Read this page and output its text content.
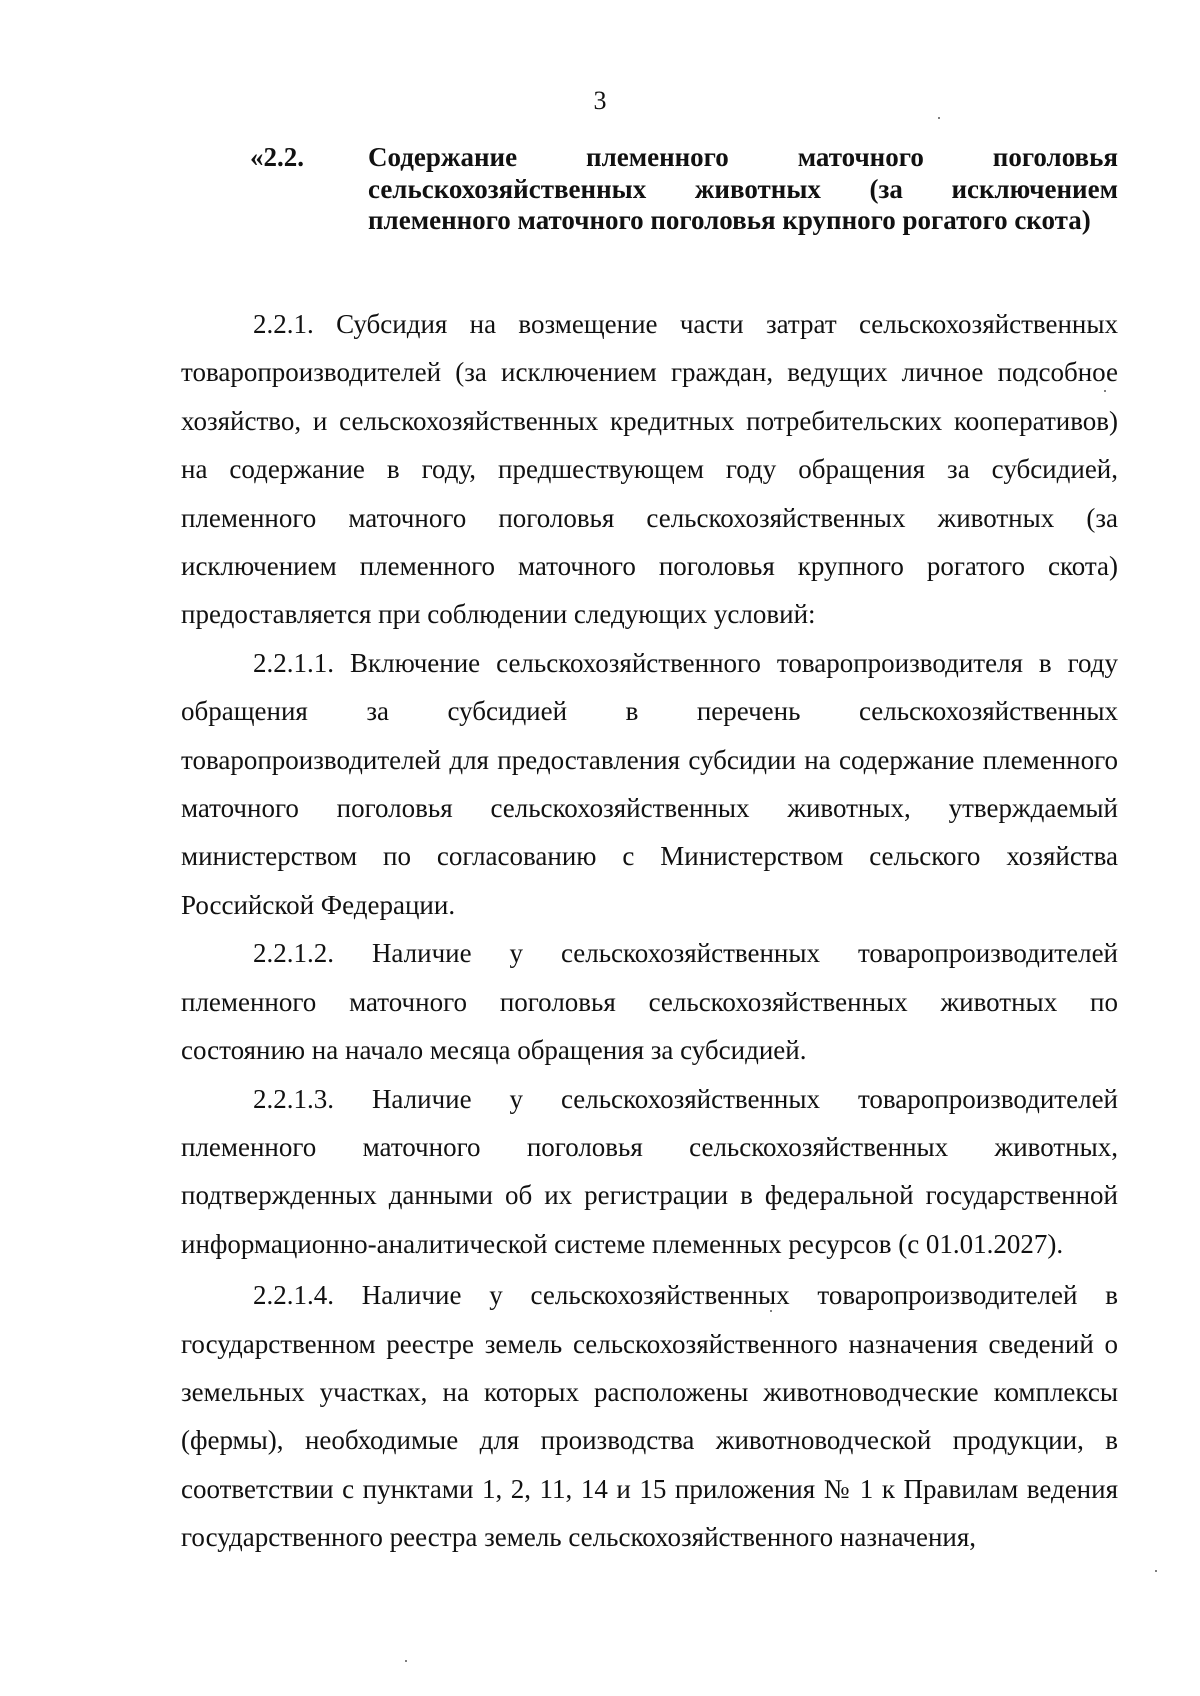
3
«2.2. Содержание племенного маточного поголовья сельскохозяйственных животных (за исключением племенного маточного поголовья крупного рогатого скота)

2.2.1. Субсидия на возмещение части затрат сельскохозяйственных товаропроизводителей (за исключением граждан, ведущих личное подсобное хозяйство, и сельскохозяйственных кредитных потребительских кооперативов) на содержание в году, предшествующем году обращения за субсидией, племенного маточного поголовья сельскохозяйственных животных (за исключением племенного маточного поголовья крупного рогатого скота) предоставляется при соблюдении следующих условий:

2.2.1.1. Включение сельскохозяйственного товаропроизводителя в году обращения за субсидией в перечень сельскохозяйственных товаропроизводителей для предоставления субсидии на содержание племенного маточного поголовья сельскохозяйственных животных, утверждаемый министерством по согласованию с Министерством сельского хозяйства Российской Федерации.

2.2.1.2. Наличие у сельскохозяйственных товаропроизводителей племенного маточного поголовья сельскохозяйственных животных по состоянию на начало месяца обращения за субсидией.

2.2.1.3. Наличие у сельскохозяйственных товаропроизводителей племенного маточного поголовья сельскохозяйственных животных, подтвержденных данными об их регистрации в федеральной государственной информационно-аналитической системе племенных ресурсов (с 01.01.2027).

2.2.1.4. Наличие у сельскохозяйственных товаропроизводителей в государственном реестре земель сельскохозяйственного назначения сведений о земельных участках, на которых расположены животноводческие комплексы (фермы), необходимые для производства животноводческой продукции, в соответствии с пунктами 1, 2, 11, 14 и 15 приложения № 1 к Правилам ведения государственного реестра земель сельскохозяйственного назначения,
